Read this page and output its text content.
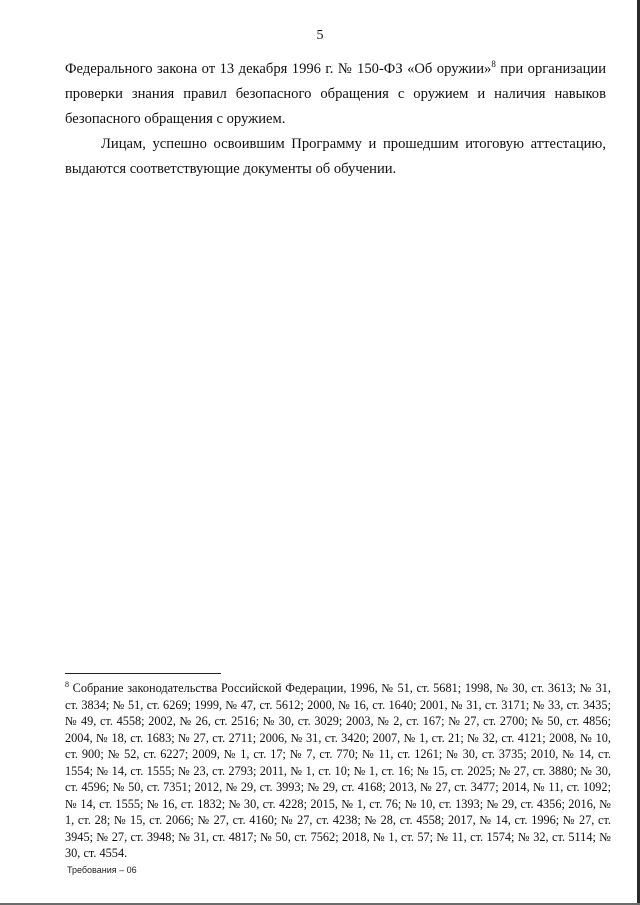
5

Федерального закона от 13 декабря 1996 г. № 150-ФЗ «Об оружии»$^8$ при организации проверки знания правил безопасного обращения с оружием и наличия навыков безопасного обращения с оружием.

Лицам, успешно освоившим Программу и прошедшим итоговую аттестацию, выдаются соответствующие документы об обучении.

$^8$ Собрание законодательства Российской Федерации, 1996, № 51, ст. 5681; 1998, № 30, ст. 3613; № 31, ст. 3834; № 51, ст. 6269; 1999, № 47, ст. 5612; 2000, № 16, ст. 1640; 2001, № 31, ст. 3171; № 33, ст. 3435; № 49, ст. 4558; 2002, № 26, ст. 2516; № 30, ст. 3029; 2003, № 2, ст. 167; № 27, ст. 2700; № 50, ст. 4856; 2004, № 18, ст. 1683; № 27, ст. 2711; 2006, № 31, ст. 3420; 2007, № 1, ст. 21; № 32, ст. 4121; 2008, № 10, ст. 900; № 52, ст. 6227; 2009, № 1, ст. 17; № 7, ст. 770; № 11, ст. 1261; № 30, ст. 3735; 2010, № 14, ст. 1554; № 14, ст. 1555; № 23, ст. 2793; 2011, № 1, ст. 10; № 1, ст. 16; № 15, ст. 2025; № 27, ст. 3880; № 30, ст. 4596; № 50, ст. 7351; 2012, № 29, ст. 3993; № 29, ст. 4168; 2013, № 27, ст. 3477; 2014, № 11, ст. 1092; № 14, ст. 1555; № 16, ст. 1832; № 30, ст. 4228; 2015, № 1, ст. 76; № 10, ст. 1393; № 29, ст. 4356; 2016, № 1, ст. 28; № 15, ст. 2066; № 27, ст. 4160; № 27, ст. 4238; № 28, ст. 4558; 2017, № 14, ст. 1996; № 27, ст. 3945; № 27, ст. 3948; № 31, ст. 4817; № 50, ст. 7562; 2018, № 1, ст. 57; № 11, ст. 1574; № 32, ст. 5114; № 30, ст. 4554.
Требования – 06
